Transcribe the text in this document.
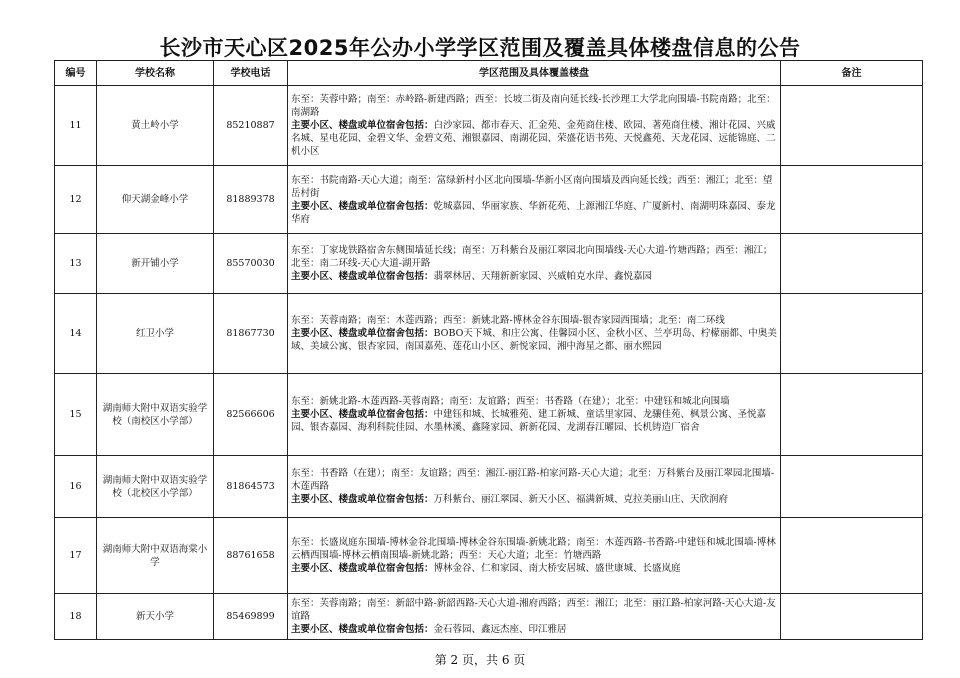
长沙市天心区2025年公办小学学区范围及覆盖具体楼盘信息的公告
编号	学校名称	学校电话	学区范围及具体覆盖楼盘	备注
11	黄土岭小学	85210887	东至：芙蓉中路；南至：赤岭路-新建西路；西至：长坡二街及南向延长线-长沙理工大学北向围墙-书院南路；北至：南湖路
主要小区、楼盘或单位宿舍包括：白沙家园、都市春天、汇金苑、金苑商住楼、欧园、著苑商住楼、湘计花园、兴威名城、星电花园、金碧文华、金碧文苑、湘银嘉园、南湖花园、荣盛花语书苑、天悦鑫苑、天龙花园、远能锦庭、二机小区	
12	仰天湖金峰小学	81889378	东至：书院南路-天心大道；南至：富绿新村小区北向围墙-华新小区南向围墙及西向延长线；西至：湘江；北至：望岳村街
主要小区、楼盘或单位宿舍包括：乾城嘉园、华丽家族、华新花苑、上源湘江华庭、广厦新村、南湖明珠嘉园、泰龙华府	
13	新开铺小学	85570030	东至：丁家垅铁路宿舍东侧围墙延长线；南至：万科紫台及丽江翠园北向围墙线-天心大道-竹塘西路；西至：湘江；北至：南二环线-天心大道-湖开路
主要小区、楼盘或单位宿舍包括：翡翠林居、天翔新新家园、兴威帕克水岸、鑫悦嘉园	
14	红卫小学	81867730	东至：芙蓉南路；南至：木莲西路；西至：新姚北路-博林金谷东围墙-银杏家园西围墙；北至：南二环线
主要小区、楼盘或单位宿舍包括：BOBO天下城、和庄公寓、佳馨园小区、金秋小区、兰亭玥岛、柠檬丽都、中奥美域、美域公寓、银杏家园、南国嘉苑、莲花山小区、新悦家园、湘中海星之都、丽水熙园	
15	湖南师大附中双语实验学校（南校区小学部）	82566606	东至：新姚北路-木莲西路-芙蓉南路；南至：友谊路；西至：书香路（在建）；北至：中建钰和城北向围墙
主要小区、楼盘或单位宿舍包括：中建钰和城、长城雅苑、建工新城、童话里家园、龙骧佳苑、枫景公寓、圣悦嘉园、银杏嘉园、海利科院佳园、水墨林溪、鑫隆家园、新新花园、龙湖春江曜园、长机铸造厂宿舍	
16	湖南师大附中双语实验学校（北校区小学部）	81864573	东至：书香路（在建）；南至：友谊路；西至：湘江-丽江路-柏家河路-天心大道；北至：万科紫台及丽江翠园北围墙-木莲西路
主要小区、楼盘或单位宿舍包括：万科紫台、丽江翠园、新天小区、福满新城、克拉美丽山庄、天欣润府	
17	湖南师大附中双语海棠小学	88761658	东至：长盛岚庭东围墙-博林金谷北围墙-博林金谷东围墙-新姚北路；南至：木莲西路-书香路-中建钰和城北围墙-博林云栖西围墙-博林云栖南围墙-新姚北路；西至：天心大道；北至：竹塘西路
主要小区、楼盘或单位宿舍包括：博林金谷、仁和家园、南大桥安居城、盛世康城、长盛岚庭	
18	新天小学	85469899	东至：芙蓉南路；南至：新韶中路-新韶西路-天心大道-湘府西路；西至：湘江；北至：丽江路-柏家河路-天心大道-友谊路
主要小区、楼盘或单位宿舍包括：金石蓉园、鑫远杰座、印江雅居	
第 2 页，共 6 页
